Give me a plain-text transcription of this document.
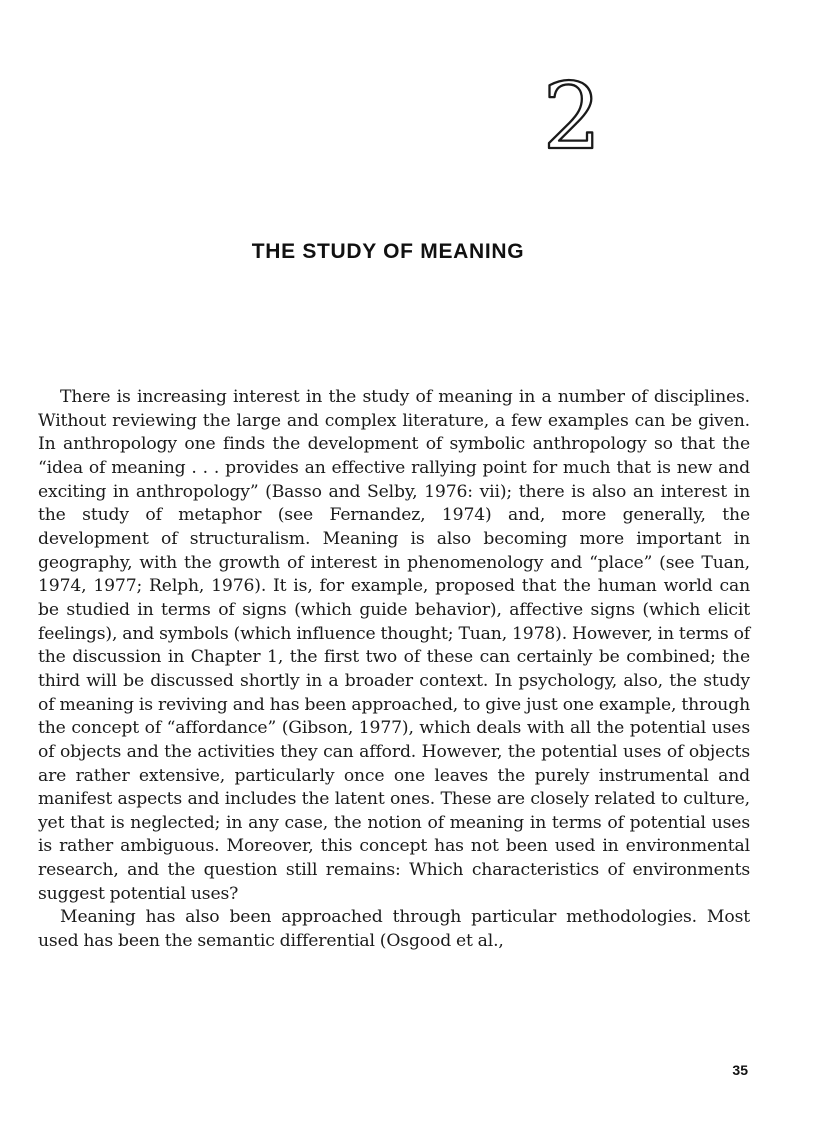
2
THE STUDY OF MEANING

There is increasing interest in the study of meaning in a number of disciplines. Without reviewing the large and complex literature, a few examples can be given. In anthropology one finds the development of symbolic anthropology so that the “idea of meaning . . . provides an effective rallying point for much that is new and exciting in anthropology” (Basso and Selby, 1976: vii); there is also an interest in the study of metaphor (see Fernandez, 1974) and, more generally, the development of structuralism. Meaning is also becoming more important in geography, with the growth of interest in phenomenology and “place” (see Tuan, 1974, 1977; Relph, 1976). It is, for example, proposed that the human world can be studied in terms of signs (which guide behavior), affective signs (which elicit feelings), and symbols (which influence thought; Tuan, 1978). However, in terms of the discussion in Chapter 1, the first two of these can certainly be combined; the third will be discussed shortly in a broader context. In psychology, also, the study of meaning is reviving and has been approached, to give just one example, through the concept of “affordance” (Gibson, 1977), which deals with all the potential uses of objects and the activities they can afford. However, the potential uses of objects are rather extensive, particularly once one leaves the purely instrumental and manifest aspects and includes the latent ones. These are closely related to culture, yet that is neglected; in any case, the notion of meaning in terms of potential uses is rather ambiguous. Moreover, this concept has not been used in environmental research, and the question still remains: Which characteristics of environments suggest potential uses?

Meaning has also been approached through particular methodologies. Most used has been the semantic differential (Osgood et al.,

35
